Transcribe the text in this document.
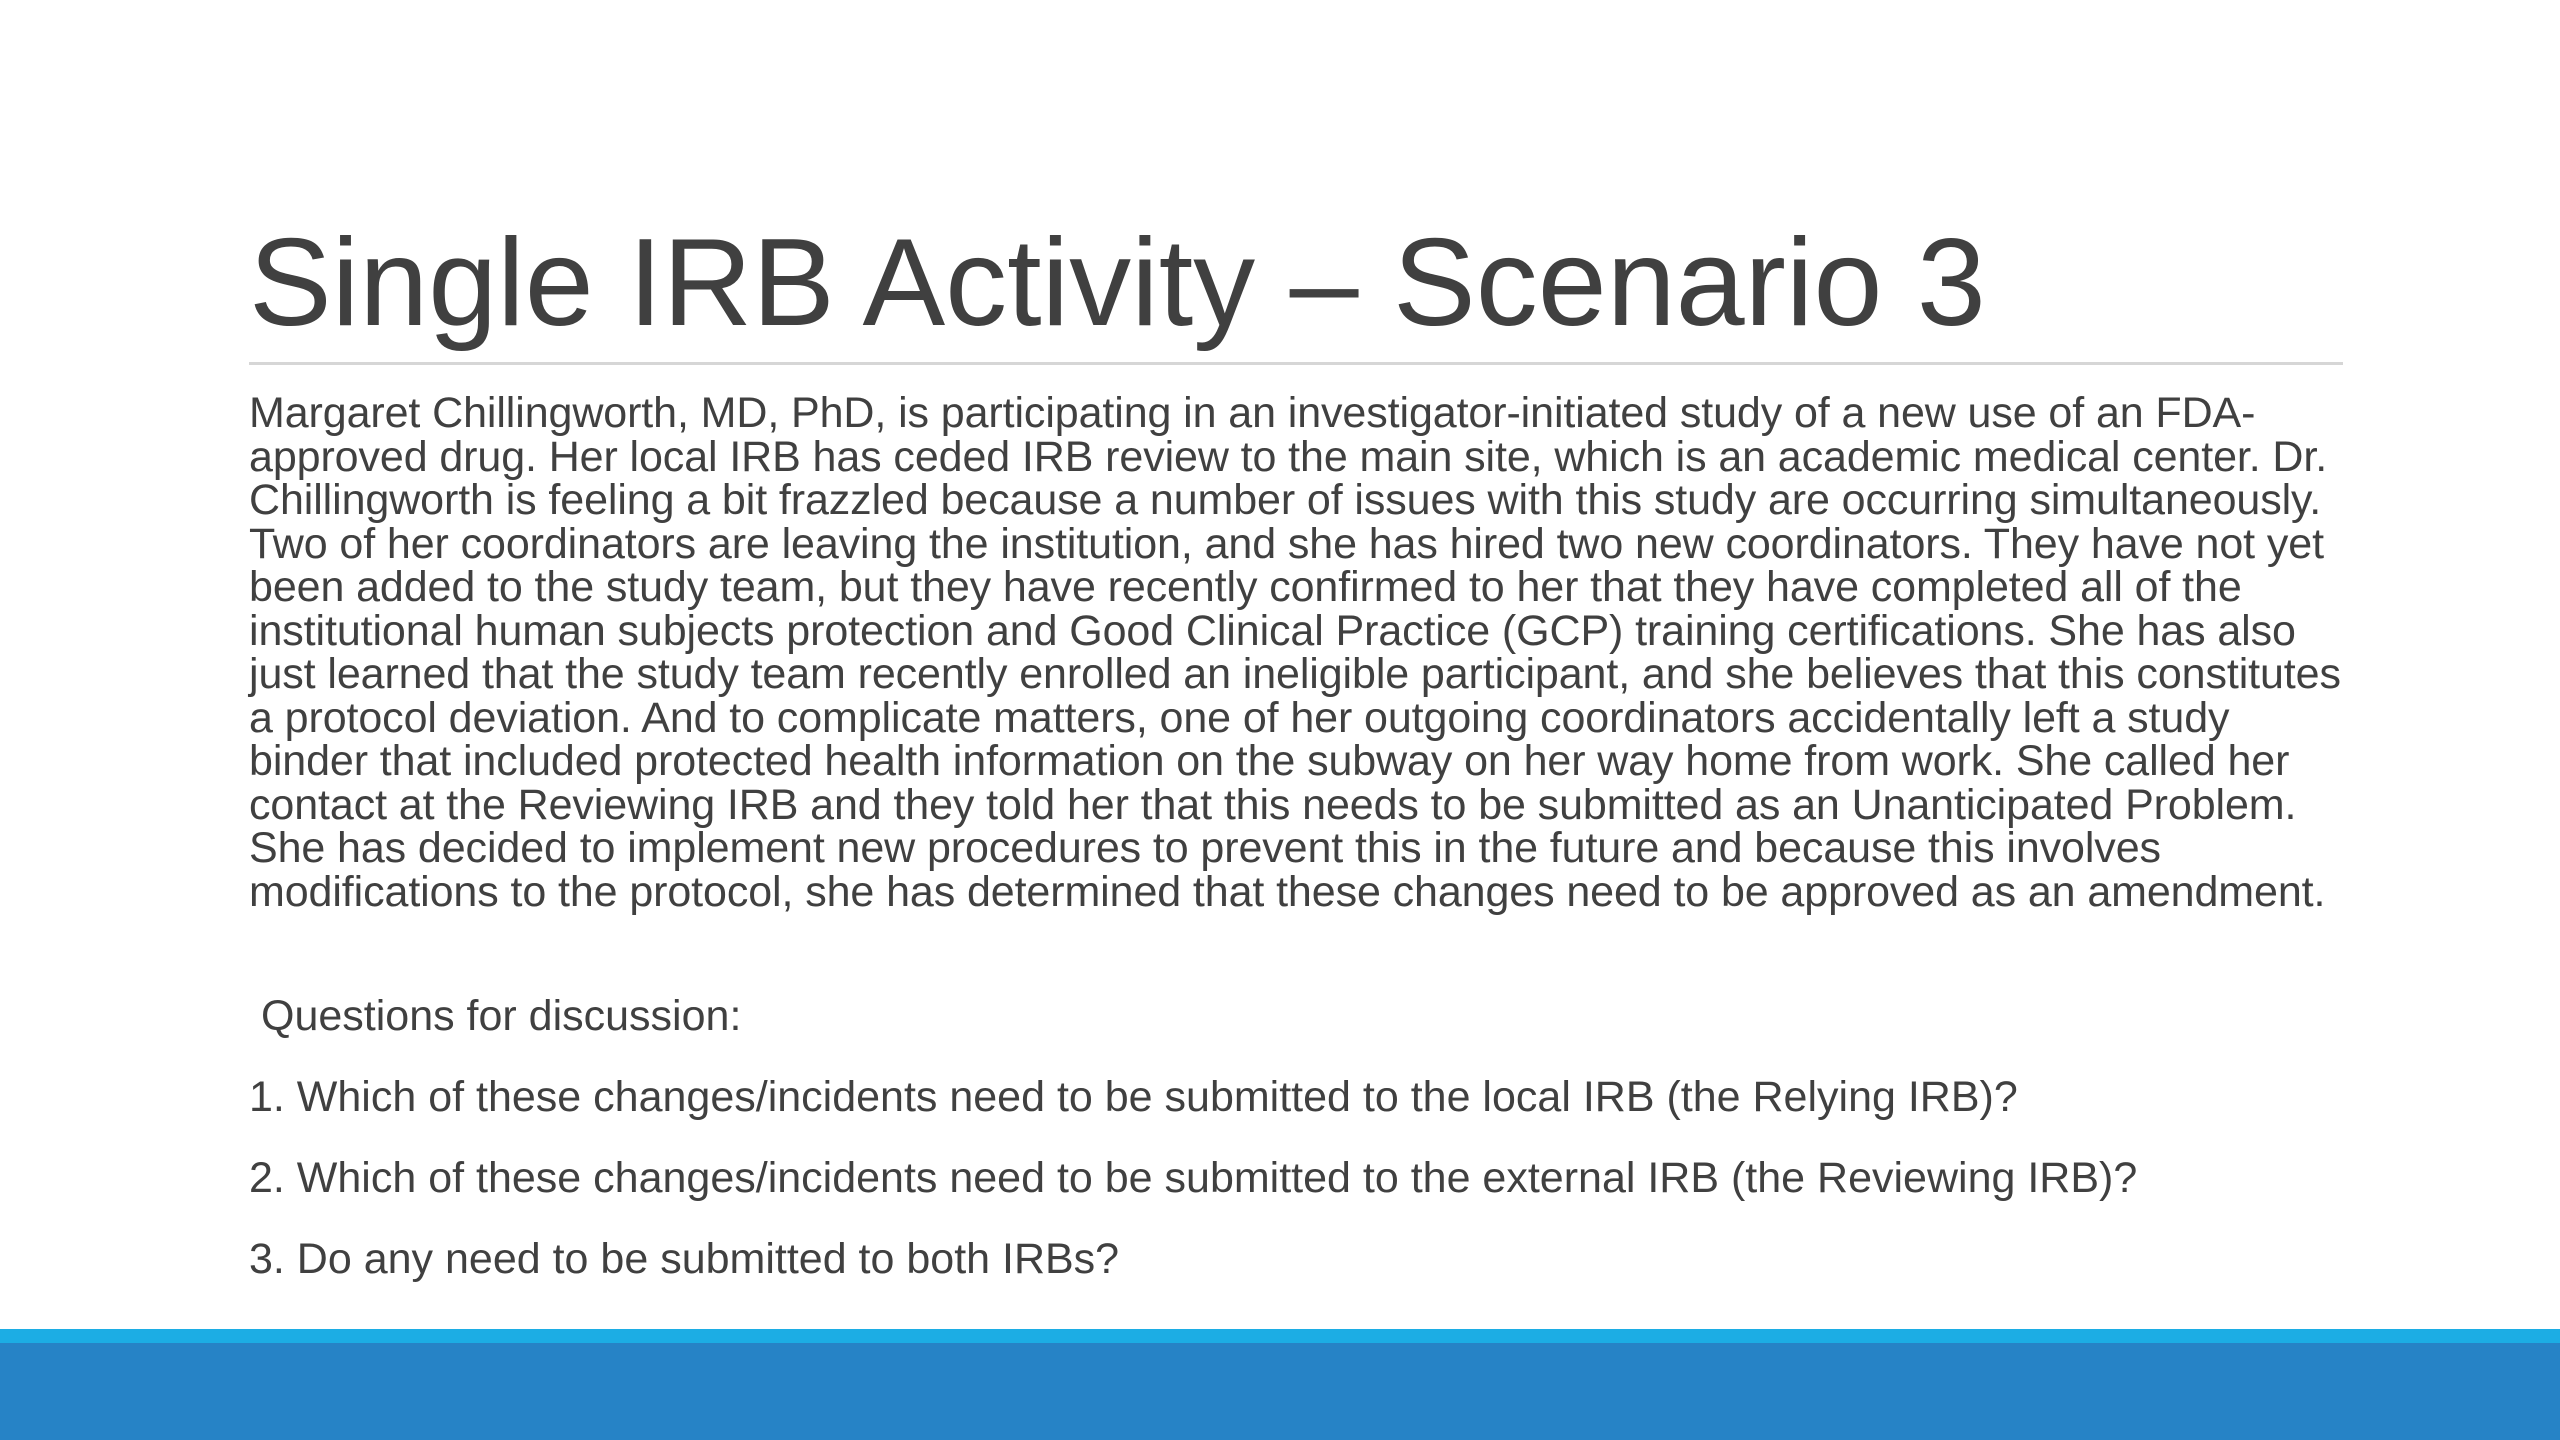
Single IRB Activity – Scenario 3

Margaret Chillingworth, MD, PhD, is participating in an investigator-initiated study of a new use of an FDA-approved drug. Her local IRB has ceded IRB review to the main site, which is an academic medical center. Dr. Chillingworth is feeling a bit frazzled because a number of issues with this study are occurring simultaneously. Two of her coordinators are leaving the institution, and she has hired two new coordinators. They have not yet been added to the study team, but they have recently confirmed to her that they have completed all of the institutional human subjects protection and Good Clinical Practice (GCP) training certifications. She has also just learned that the study team recently enrolled an ineligible participant, and she believes that this constitutes a protocol deviation. And to complicate matters, one of her outgoing coordinators accidentally left a study binder that included protected health information on the subway on her way home from work. She called her contact at the Reviewing IRB and they told her that this needs to be submitted as an Unanticipated Problem. She has decided to implement new procedures to prevent this in the future and because this involves modifications to the protocol, she has determined that these changes need to be approved as an amendment.

Questions for discussion:

1. Which of these changes/incidents need to be submitted to the local IRB (the Relying IRB)?

2. Which of these changes/incidents need to be submitted to the external IRB (the Reviewing IRB)?

3. Do any need to be submitted to both IRBs?
